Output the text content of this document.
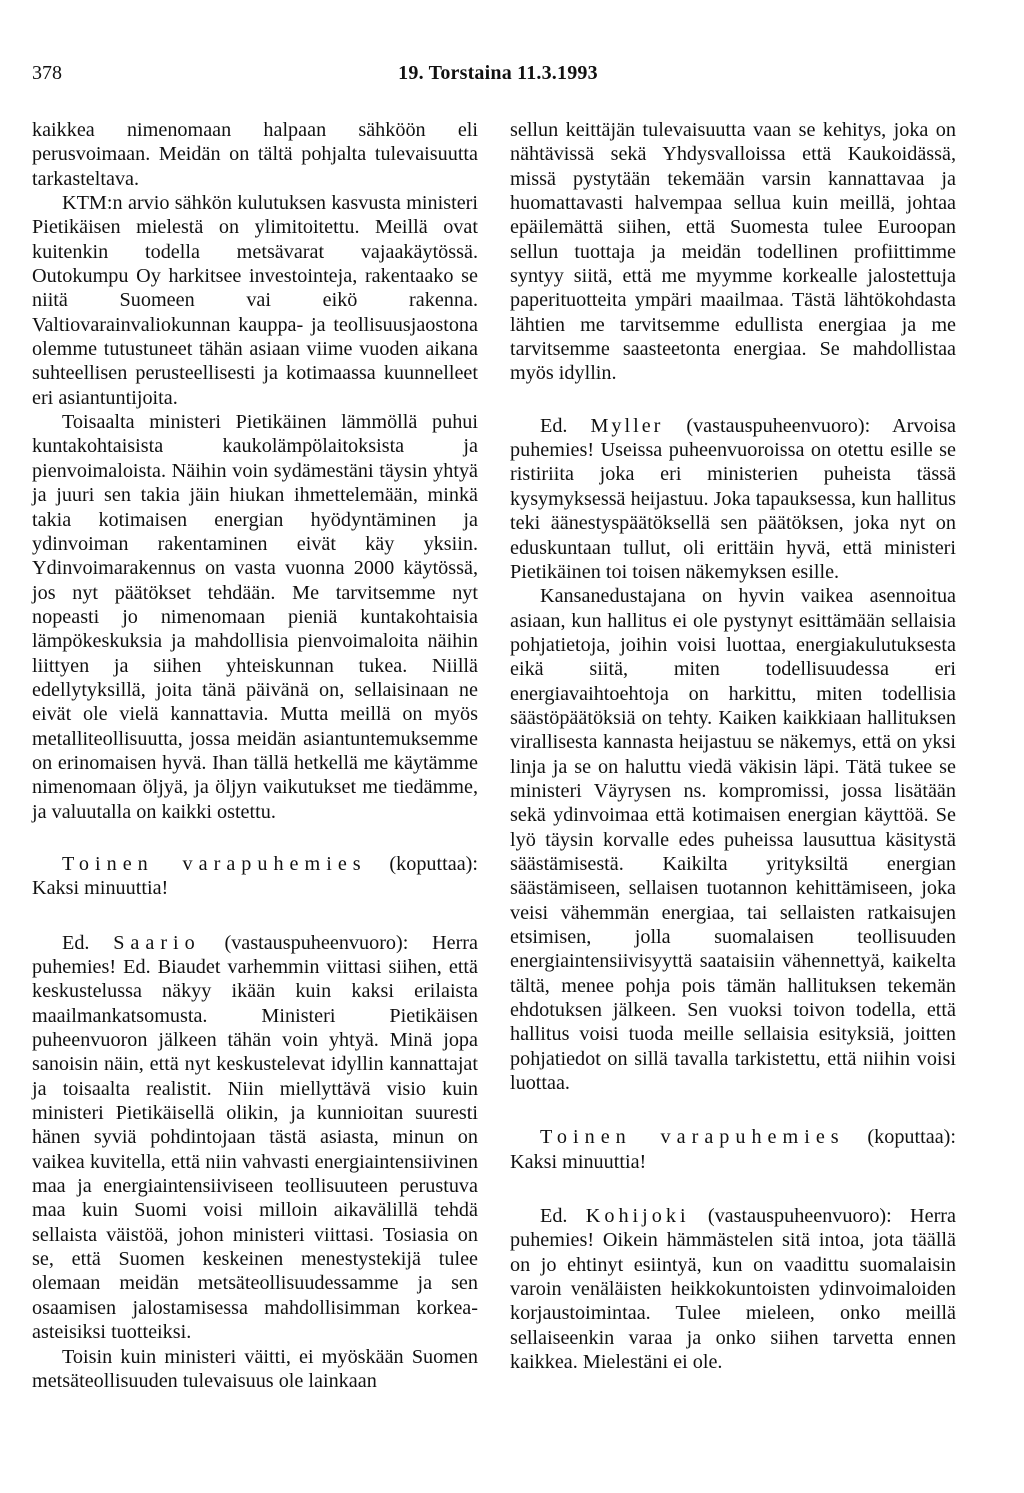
378	19. Torstaina 11.3.1993

kaikkea nimenomaan halpaan sähköön eli perusvoimaan. Meidän on tältä pohjalta tulevaisuutta tarkasteltava.

KTM:n arvio sähkön kulutuksen kasvusta ministeri Pietikäisen mielestä on ylimitoitettu. Meillä ovat kuitenkin todella metsävarat vajaakäytössä. Outokumpu Oy harkitsee investointeja, rakentaako se niitä Suomeen vai eikö rakenna. Valtiovarainvaliokunnan kauppa- ja teollisuusjaostona olemme tutustuneet tähän asiaan viime vuoden aikana suhteellisen perusteellisesti ja kotimaassa kuunnelleet eri asiantuntijoita.

Toisaalta ministeri Pietikäinen lämmöllä puhui kuntakohtaisista kaukolämpölaitoksista ja pienvoimaloista. Näihin voin sydämestäni täysin yhtyä ja juuri sen takia jäin hiukan ihmettelemään, minkä takia kotimaisen energian hyödyntäminen ja ydinvoiman rakentaminen eivät käy yksiin. Ydinvoimarakennus on vasta vuonna 2000 käytössä, jos nyt päätökset tehdään. Me tarvitsemme nyt nopeasti jo nimenomaan pieniä kuntakohtaisia lämpökeskuksia ja mahdollisia pienvoimaloita näihin liittyen ja siihen yhteiskunnan tukea. Niillä edellytyksillä, joita tänä päivänä on, sellaisinaan ne eivät ole vielä kannattavia. Mutta meillä on myös metalliteollisuutta, jossa meidän asiantuntemuksemme on erinomaisen hyvä. Ihan tällä hetkellä me käytämme nimenomaan öljyä, ja öljyn vaikutukset me tiedämme, ja valuutalla on kaikki ostettu.

Toinen varapuhemies (koputtaa): Kaksi minuuttia!

Ed. Saario (vastauspuheenvuoro): Herra puhemies! Ed. Biaudet varhemmin viittasi siihen, että keskustelussa näkyy ikään kuin kaksi erilaista maailmankatsomusta. Ministeri Pietikäisen puheenvuoron jälkeen tähän voin yhtyä. Minä jopa sanoisin näin, että nyt keskustelevat idyllin kannattajat ja toisaalta realistit. Niin miellyttävä visio kuin ministeri Pietikäisellä olikin, ja kunnioitan suuresti hänen syviä pohdintojaan tästä asiasta, minun on vaikea kuvitella, että niin vahvasti energiaintensiivinen maa ja energiaintensiiviseen teollisuuteen perustuva maa kuin Suomi voisi milloin aikavälillä tehdä sellaista väistöä, johon ministeri viittasi. Tosiasia on se, että Suomen keskeinen menestystekijä tulee olemaan meidän metsäteollisuudessamme ja sen osaamisen jalostamisessa mahdollisimman korkea-asteisiksi tuotteiksi.

Toisin kuin ministeri väitti, ei myöskään Suomen metsäteollisuuden tulevaisuus ole lainkaan

sellun keittäjän tulevaisuutta vaan se kehitys, joka on nähtävissä sekä Yhdysvalloissa että Kaukoidässä, missä pystytään tekemään varsin kannattavaa ja huomattavasti halvempaa sellua kuin meillä, johtaa epäilemättä siihen, että Suomesta tulee Euroopan sellun tuottaja ja meidän todellinen profiittimme syntyy siitä, että me myymme korkealle jalostettuja paperituotteita ympäri maailmaa. Tästä lähtökohdasta lähtien me tarvitsemme edullista energiaa ja me tarvitsemme saasteetonta energiaa. Se mahdollistaa myös idyllin.

Ed. Myller (vastauspuheenvuoro): Arvoisa puhemies! Useissa puheenvuoroissa on otettu esille se ristiriita joka eri ministerien puheista tässä kysymyksessä heijastuu. Joka tapauksessa, kun hallitus teki äänestyspäätöksellä sen päätöksen, joka nyt on eduskuntaan tullut, oli erittäin hyvä, että ministeri Pietikäinen toi toisen näkemyksen esille.

Kansanedustajana on hyvin vaikea asennoitua asiaan, kun hallitus ei ole pystynyt esittämään sellaisia pohjatietoja, joihin voisi luottaa, energiakulutuksesta eikä siitä, miten todellisuudessa eri energiavaihtoehtoja on harkittu, miten todellisia säästöpäätöksiä on tehty. Kaiken kaikkiaan hallituksen virallisesta kannasta heijastuu se näkemys, että on yksi linja ja se on haluttu viedä väkisin läpi. Tätä tukee se ministeri Väyrysen ns. kompromissi, jossa lisätään sekä ydinvoimaa että kotimaisen energian käyttöä. Se lyö täysin korvalle edes puheissa lausuttua käsitystä säästämisestä. Kaikilta yrityksiltä energian säästämiseen, sellaisen tuotannon kehittämiseen, joka veisi vähemmän energiaa, tai sellaisten ratkaisujen etsimisen, jolla suomalaisen teollisuuden energiaintensiivisyyttä saataisiin vähennettyä, kaikelta tältä, menee pohja pois tämän hallituksen tekemän ehdotuksen jälkeen. Sen vuoksi toivon todella, että hallitus voisi tuoda meille sellaisia esityksiä, joitten pohjatiedot on sillä tavalla tarkistettu, että niihin voisi luottaa.

Toinen varapuhemies (koputtaa): Kaksi minuuttia!

Ed. Kohijoki (vastauspuheenvuoro): Herra puhemies! Oikein hämmästelen sitä intoa, jota täällä on jo ehtinyt esiintyä, kun on vaadittu suomalaisin varoin venäläisten heikkokuntoisten ydinvoimaloiden korjaustoimintaa. Tulee mieleen, onko meillä sellaiseenkin varaa ja onko siihen tarvetta ennen kaikkea. Mielestäni ei ole.
